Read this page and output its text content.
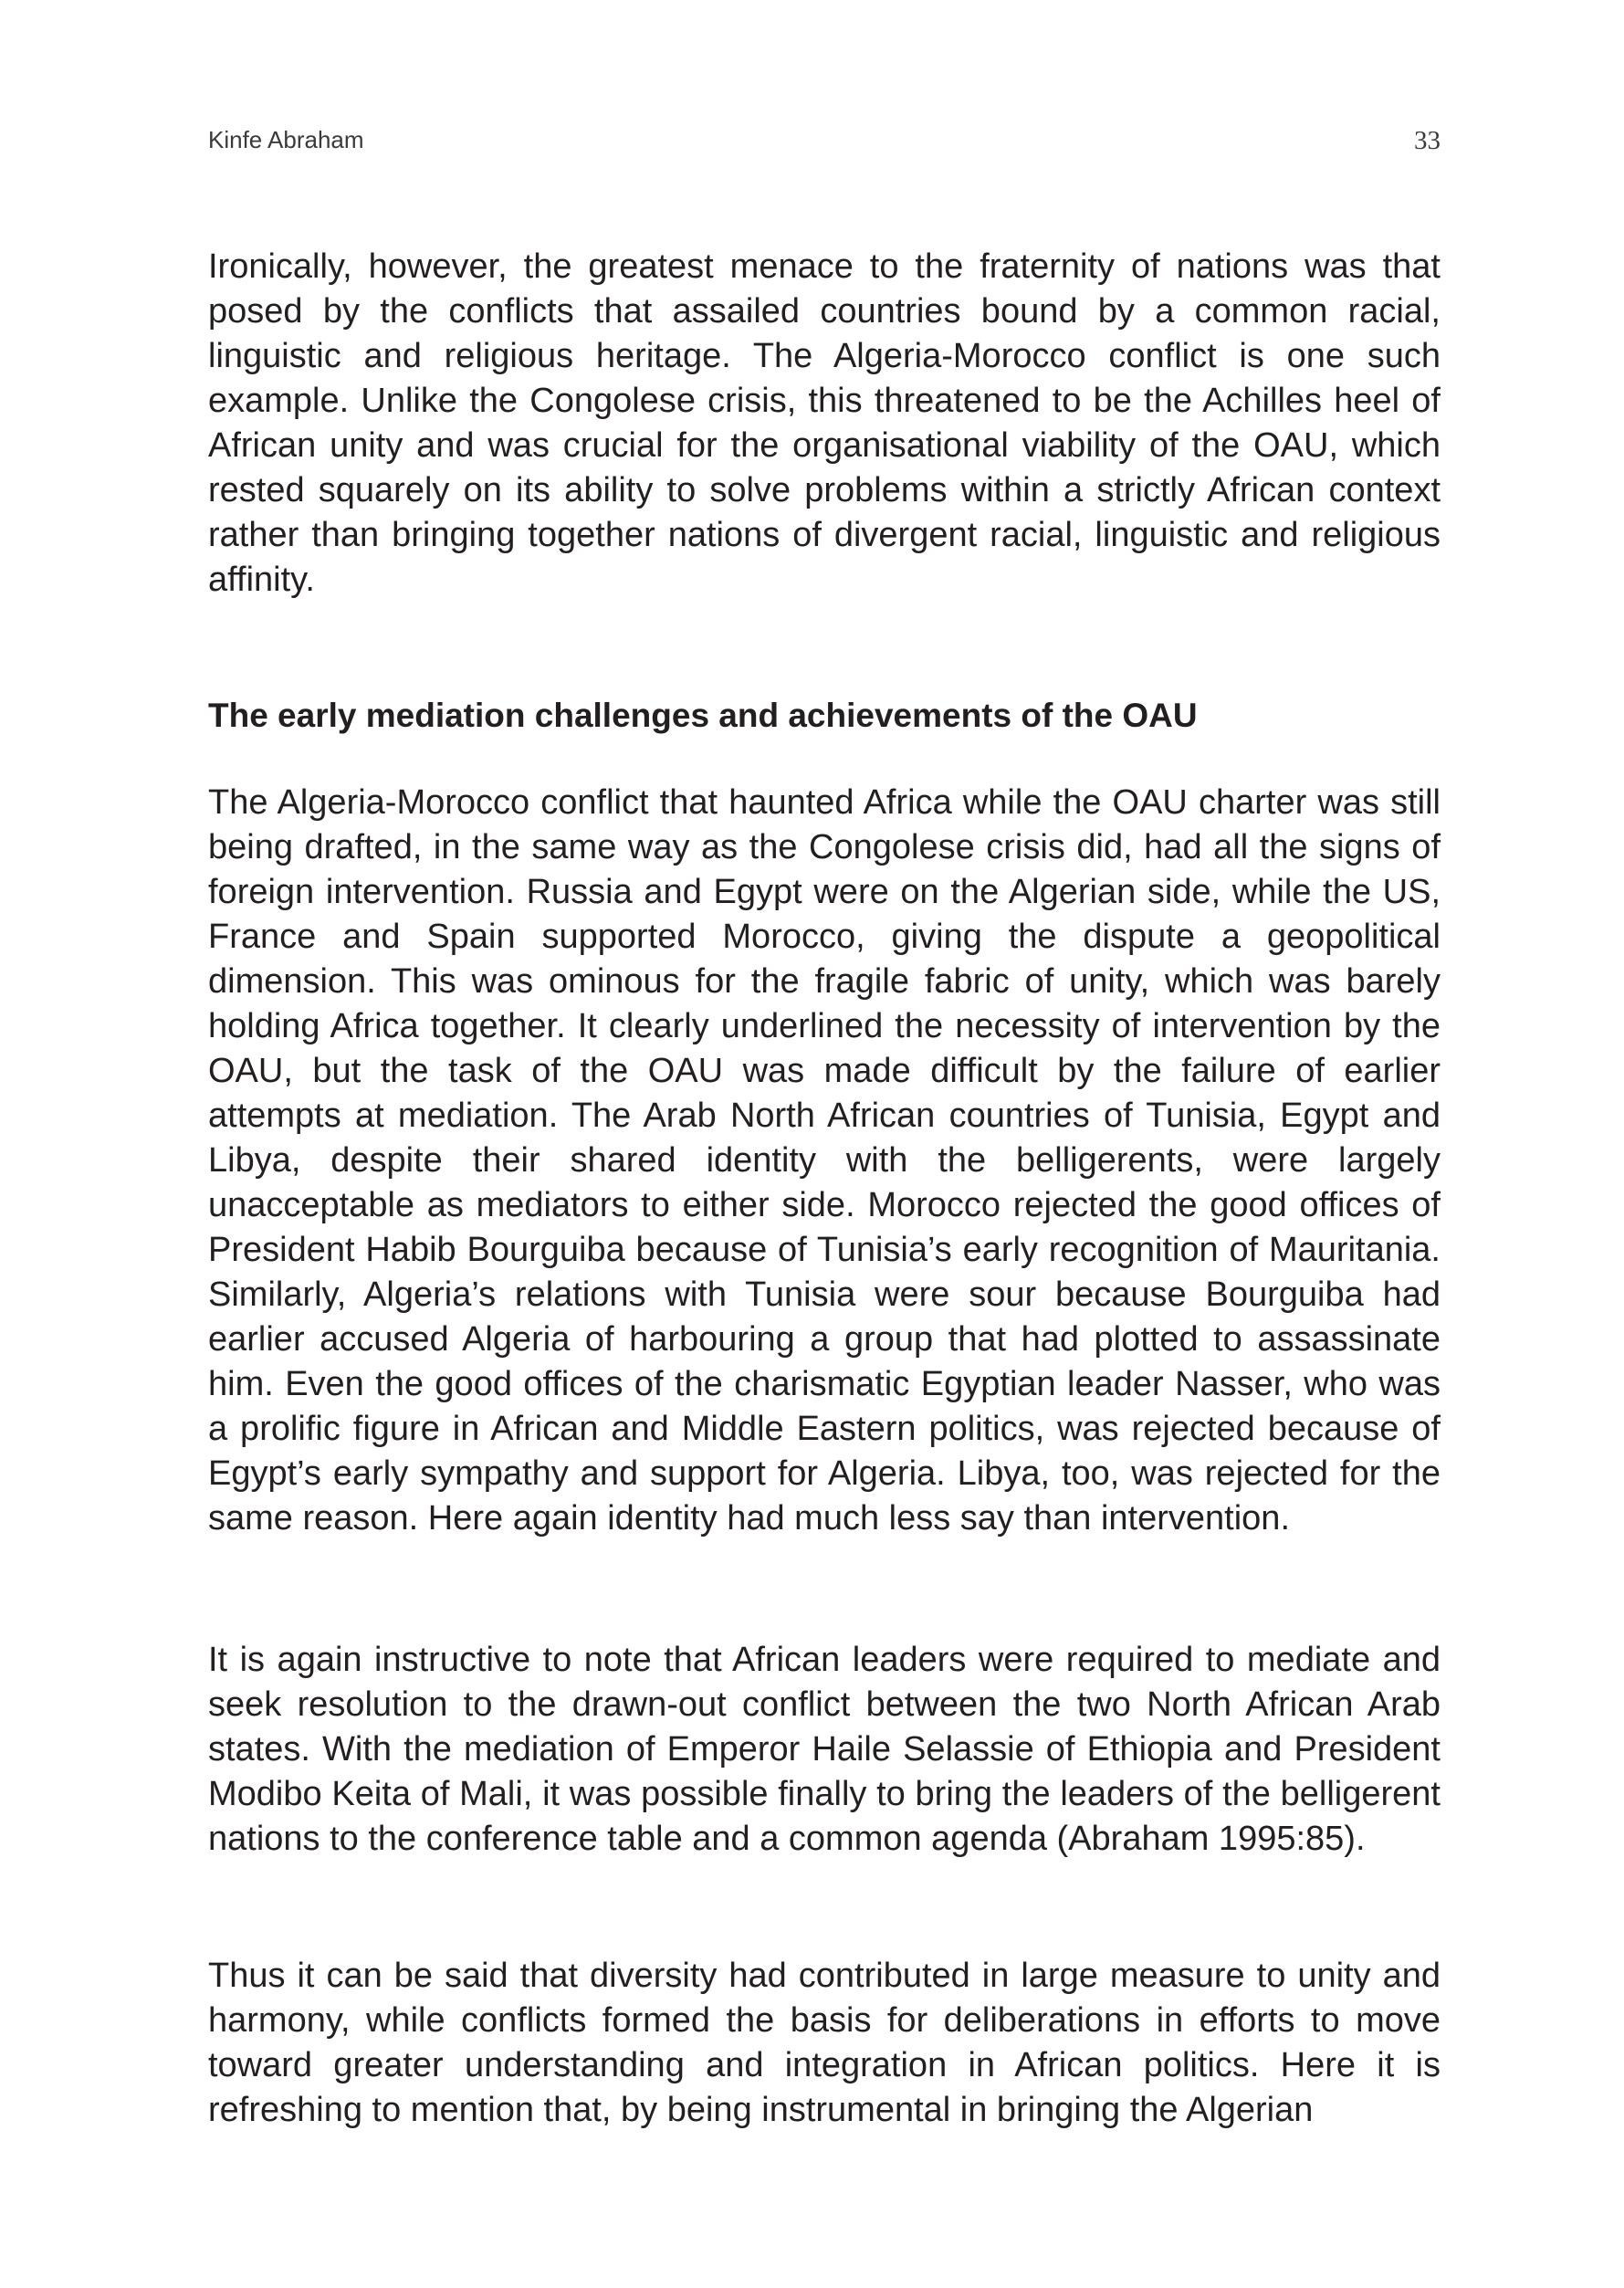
Kinfe Abraham	33

Ironically, however, the greatest menace to the fraternity of nations was that posed by the conflicts that assailed countries bound by a common racial, linguistic and religious heritage. The Algeria-Morocco conflict is one such example. Unlike the Congolese crisis, this threatened to be the Achilles heel of African unity and was crucial for the organisational viability of the OAU, which rested squarely on its ability to solve problems within a strictly African context rather than bringing together nations of divergent racial, linguistic and religious affinity.

The early mediation challenges and achievements of the OAU

The Algeria-Morocco conflict that haunted Africa while the OAU charter was still being drafted, in the same way as the Congolese crisis did, had all the signs of foreign intervention. Russia and Egypt were on the Algerian side, while the US, France and Spain supported Morocco, giving the dispute a geopolitical dimension. This was ominous for the fragile fabric of unity, which was barely holding Africa together. It clearly underlined the necessity of intervention by the OAU, but the task of the OAU was made difficult by the failure of earlier attempts at mediation. The Arab North African countries of Tunisia, Egypt and Libya, despite their shared identity with the belligerents, were largely unacceptable as mediators to either side. Morocco rejected the good offices of President Habib Bourguiba because of Tunisia’s early recognition of Mauritania. Similarly, Algeria’s relations with Tunisia were sour because Bourguiba had earlier accused Algeria of harbouring a group that had plotted to assassinate him. Even the good offices of the charismatic Egyptian leader Nasser, who was a prolific figure in African and Middle Eastern politics, was rejected because of Egypt’s early sympathy and support for Algeria. Libya, too, was rejected for the same reason. Here again identity had much less say than intervention.

It is again instructive to note that African leaders were required to mediate and seek resolution to the drawn-out conflict between the two North African Arab states. With the mediation of Emperor Haile Selassie of Ethiopia and President Modibo Keita of Mali, it was possible finally to bring the leaders of the belligerent nations to the conference table and a common agenda (Abraham 1995:85).

Thus it can be said that diversity had contributed in large measure to unity and harmony, while conflicts formed the basis for deliberations in efforts to move toward greater understanding and integration in African politics. Here it is refreshing to mention that, by being instrumental in bringing the Algerian
